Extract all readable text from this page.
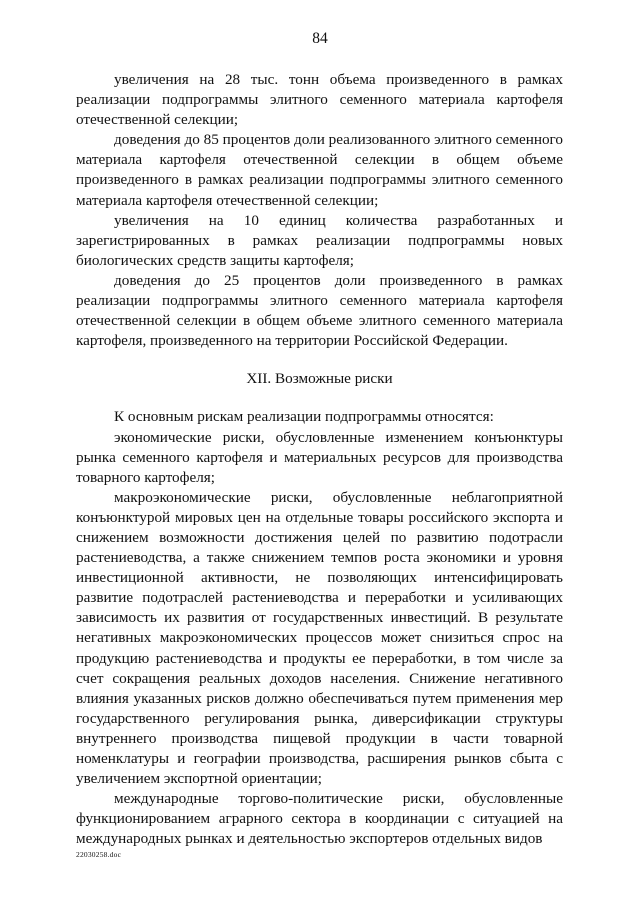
84

увеличения на 28 тыс. тонн объема произведенного в рамках реализации подпрограммы элитного семенного материала картофеля отечественной селекции;

доведения до 85 процентов доли реализованного элитного семенного материала картофеля отечественной селекции в общем объеме произведенного в рамках реализации подпрограммы элитного семенного материала картофеля отечественной селекции;

увеличения на 10 единиц количества разработанных и зарегистрированных в рамках реализации подпрограммы новых биологических средств защиты картофеля;

доведения до 25 процентов доли произведенного в рамках реализации подпрограммы элитного семенного материала картофеля отечественной селекции в общем объеме элитного семенного материала картофеля, произведенного на территории Российской Федерации.

XII. Возможные риски

К основным рискам реализации подпрограммы относятся:

экономические риски, обусловленные изменением конъюнктуры рынка семенного картофеля и материальных ресурсов для производства товарного картофеля;

макроэкономические риски, обусловленные неблагоприятной конъюнктурой мировых цен на отдельные товары российского экспорта и снижением возможности достижения целей по развитию подотрасли растениеводства, а также снижением темпов роста экономики и уровня инвестиционной активности, не позволяющих интенсифицировать развитие подотраслей растениеводства и переработки и усиливающих зависимость их развития от государственных инвестиций. В результате негативных макроэкономических процессов может снизиться спрос на продукцию растениеводства и продукты ее переработки, в том числе за счет сокращения реальных доходов населения. Снижение негативного влияния указанных рисков должно обеспечиваться путем применения мер государственного регулирования рынка, диверсификации структуры внутреннего производства пищевой продукции в части товарной номенклатуры и географии производства, расширения рынков сбыта с увеличением экспортной ориентации;

международные торгово-политические риски, обусловленные функционированием аграрного сектора в координации с ситуацией на международных рынках и деятельностью экспортеров отдельных видов

22030258.doc
